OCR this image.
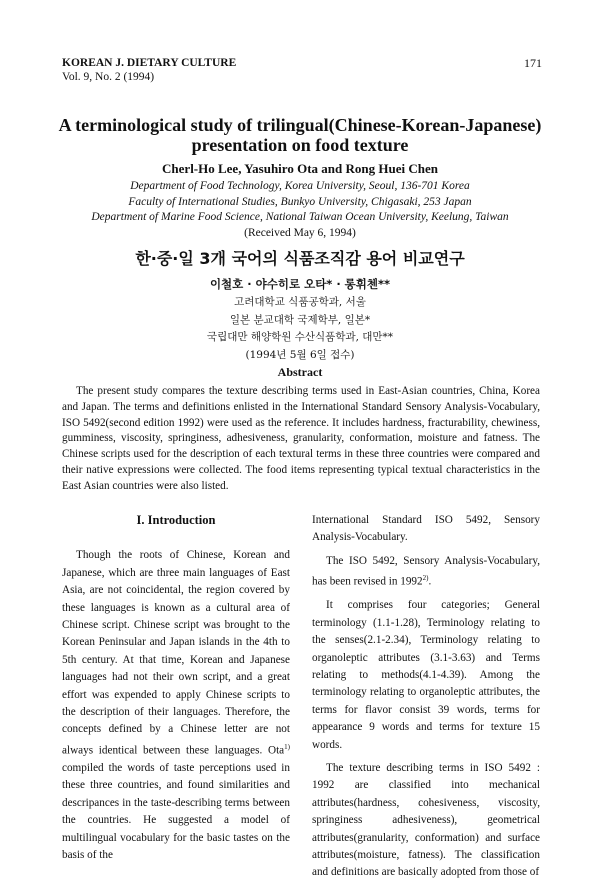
KOREAN J. DIETARY CULTURE
Vol. 9, No. 2 (1994)
171
A terminological study of trilingual(Chinese-Korean-Japanese)
presentation on food texture
Cherl-Ho Lee, Yasuhiro Ota and Rong Huei Chen
Department of Food Technology, Korea University, Seoul, 136-701 Korea
Faculty of International Studies, Bunkyo University, Chigasaki, 253 Japan
Department of Marine Food Science, National Taiwan Ocean University, Keelung, Taiwan
(Received May 6, 1994)
한·중·일 3개 국어의 식품조직감 용어 비교연구
이철호 · 야수히로 오타* · 롱휘첸**
고려대학교 식품공학과, 서울
일본 분교대학 국제학부, 일본*
국립대만 해양학원 수산식품학과, 대만**
(1994년 5월 6일 접수)
Abstract

The present study compares the texture describing terms used in East-Asian countries, China, Korea and Japan. The terms and definitions enlisted in the International Standard Sensory Analysis-Vocabulary, ISO 5492(second edition 1992) were used as the reference. It includes hardness, fracturability, chewiness, gumminess, viscosity, springiness, adhesiveness, granularity, conformation, moisture and fatness. The Chinese scripts used for the description of each textural terms in these three countries were compared and their native expressions were collected. The food items representing typical textual characteristics in the East Asian countries were also listed.

I. Introduction

Though the roots of Chinese, Korean and Japanese, which are three main languages of East Asia, are not coincidental, the region covered by these languages is known as a cultural area of Chinese script. Chinese script was brought to the Korean Peninsular and Japan islands in the 4th to 5th century. At that time, Korean and Japanese languages had not their own script, and a great effort was expended to apply Chinese scripts to the description of their languages. Therefore, the concepts defined by a Chinese letter are not always identical between these languages. Ota$^{1)}$ compiled the words of taste perceptions used in these three countries, and found similarities and descripances in the taste-describing terms between the countries. He suggested a model of multilingual vocabulary for the basic tastes on the basis of the

International Standard ISO 5492, Sensory Analysis-Vocabulary.

The ISO 5492, Sensory Analysis-Vocabulary, has been revised in 1992$^{2)}$.

It comprises four categories; General terminology (1.1-1.28), Terminology relating to the senses(2.1-2.34), Terminology relating to organoleptic attributes (3.1-3.63) and Terms relating to methods(4.1-4.39). Among the terminology relating to organoleptic attributes, the terms for flavor consist 39 words, terms for appearance 9 words and terms for texture 15 words.

The texture describing terms in ISO 5492 : 1992 are classified into mechanical attributes(hardness, cohesiveness, viscosity, springiness adhesiveness), geometrical attributes(granularity, conformation) and surface attributes(moisture, fatness). The classification and definitions are basically adopted from those of
